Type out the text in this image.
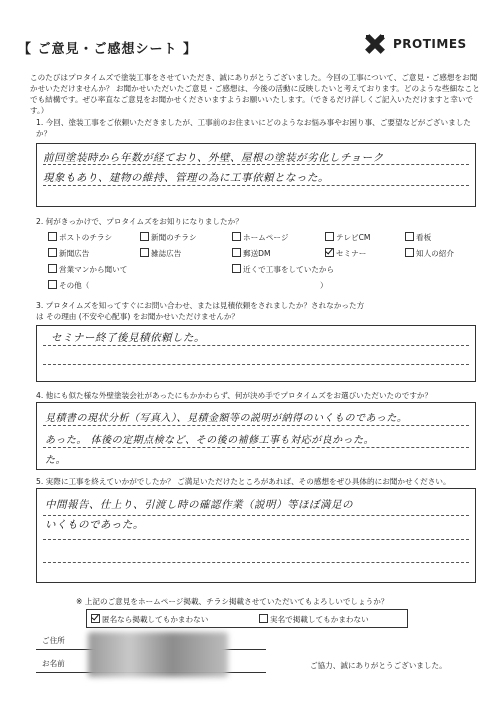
【 ご意見・ご感想シート 】	PROTIMES
このたびはプロタイムズで塗装工事をさせていただき、誠にありがとうございました。今回の工事について、ご意見・ご感想をお聞かせいただけませんか？ お聞かせいただいたご意見・ご感想は、今後の活動に反映したいと考えております。どのような些細なことでも結構です。ぜひ率直なご意見をお聞かせくださいますようお願いいたします。（できるだけ詳しくご記入いただけますと幸いです。）
1. 今回、塗装工事をご依頼いただきましたが、工事前のお住まいにどのようなお悩み事やお困り事、ご要望などがございましたか？
前回塗装時から年数が経ており、外壁、屋根の塗装が劣化しチョーク
現象もあり、建物の維持、管理の為に工事依頼となった。
2. 何がきっかけで、プロタイムズをお知りになりましたか？
ポストのチラシ	新聞のチラシ	ホームページ	テレビCM	看板
新聞広告	雑誌広告	郵送DM	セミナー	知人の紹介
営業マンから聞いて	近くで工事をしていたから
その他（	）
3. プロタイムズを知ってすぐにお問い合わせ、または見積依頼をされましたか？されなかった方は その理由 (不安や心配事) をお聞かせいただけませんか？
セミナー終了後見積依頼した。
4. 他にも似た様な外壁塗装会社があったにもかかわらず、何が決め手でプロタイムズをお選びいただいたのですか？
見積書の現状分析（写真入）、見積金額等の説明が納得のいくものであった。
あった。 体後の定期点検など、その後の補修工事も対応が良かった。
た。
5. 実際に工事を終えていかがでしたか？ ご満足いただけたところがあれば、その感想をぜひ具体的にお聞かせください。
中間報告、仕上り、引渡し時の確認作業（説明）等ほぼ満足の
いくものであった。
※ 上記のご意見をホームページ掲載、チラシ掲載させていただいてもよろしいでしょうか？
匿名なら掲載してもかまわない	実名で掲載してもかまわない
ご住所
お名前	ご協力、誠にありがとうございました。
